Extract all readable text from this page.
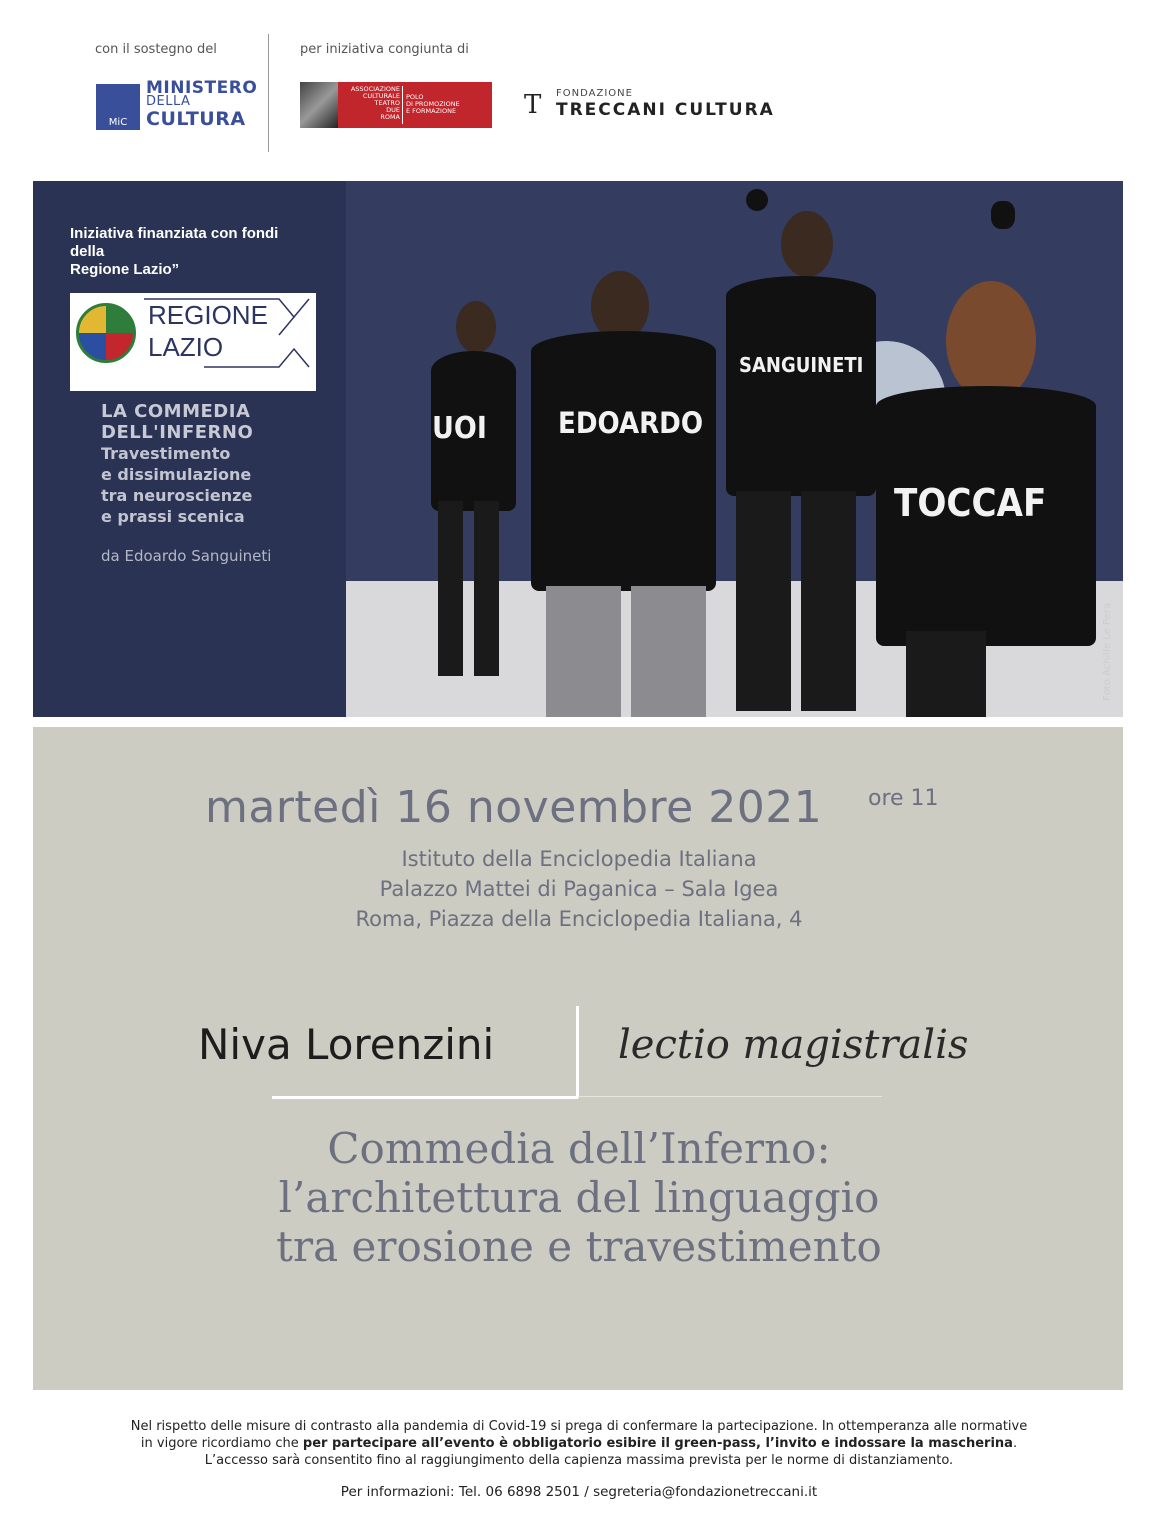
con il sostegno del	per iniziativa congiunta di
MiC
MINISTERO
DELLA
CULTURA
ASSOCIAZIONE
CULTURALE
TEATRO
DUE
ROMA
POLO
DI PROMOZIONE
E FORMAZIONE	T FONDAZIONE
TRECCANI CULTURA
Iniziativa finanziata con fondi
della
Regione Lazio”
REGIONE
LAZIO
LA COMMEDIA
DELL'INFERNO
Travestimento
e dissimulazione
tra neuroscienze
e prassi scenica
da Edoardo Sanguineti
UOI EDOARDO
SANGUINETI
TOCCAF
Foto Achille Le Pera
martedì 16 novembre 2021 ore 11
Istituto della Enciclopedia Italiana
Palazzo Mattei di Paganica – Sala Igea
Roma, Piazza della Enciclopedia Italiana, 4
Niva Lorenzini	lectio magistralis
Commedia dell’Inferno:
l’architettura del linguaggio
tra erosione e travestimento
Nel rispetto delle misure di contrasto alla pandemia di Covid-19 si prega di confermare la partecipazione. In ottemperanza alle normative
in vigore ricordiamo che per partecipare all’evento è obbligatorio esibire il green-pass, l’invito e indossare la mascherina.
L’accesso sarà consentito fino al raggiungimento della capienza massima prevista per le norme di distanziamento.
Per informazioni: Tel. 06 6898 2501 / segreteria@fondazionetreccani.it
